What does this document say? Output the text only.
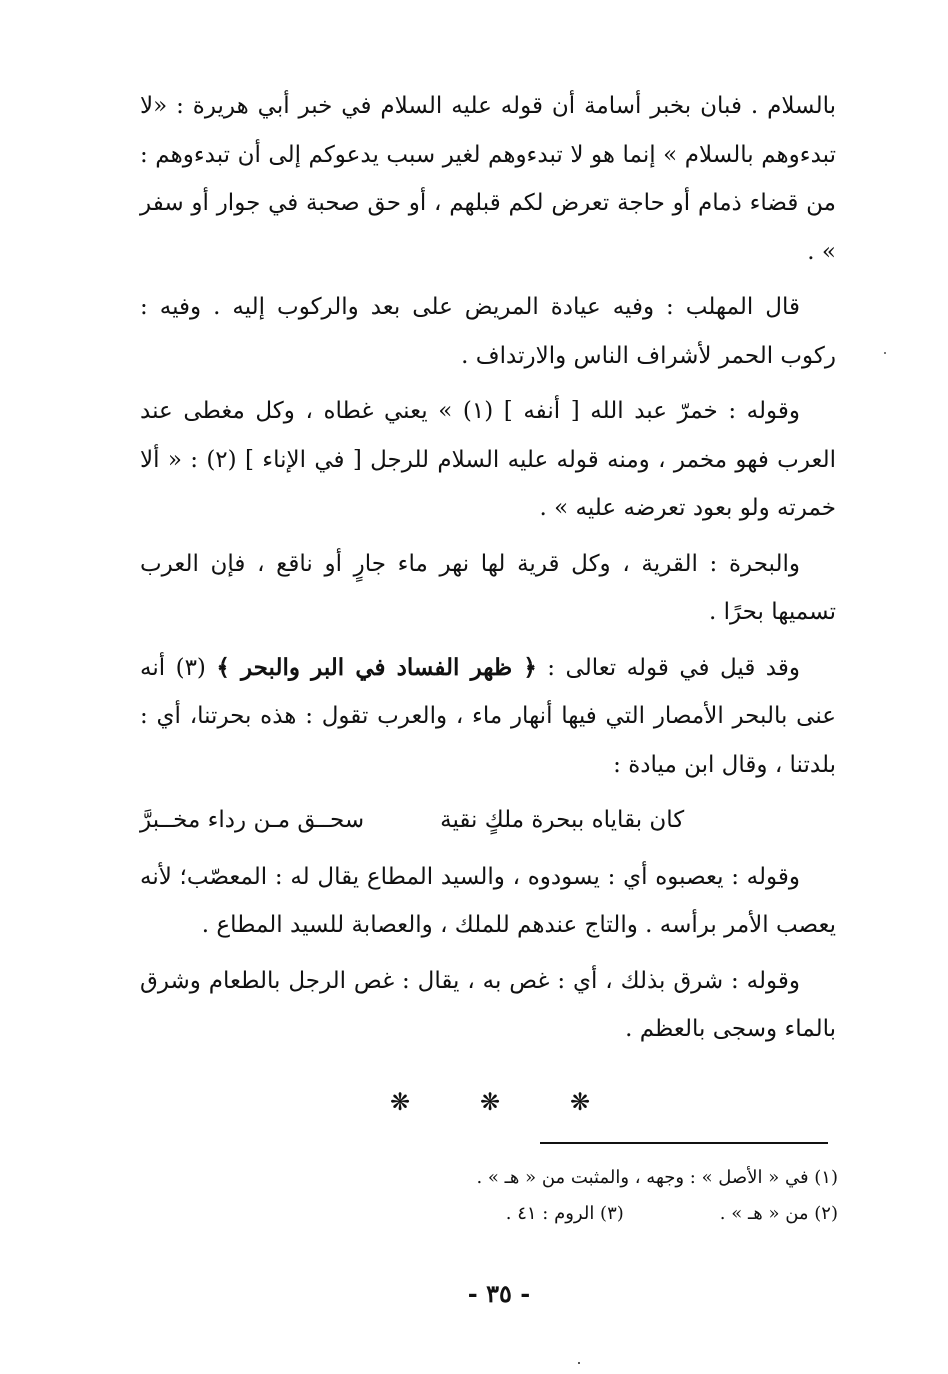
بالسلام . فبان بخبر أسامة أن قوله عليه السلام في خبر أبي هريرة : «لا تبدءوهم بالسلام » إنما هو لا تبدءوهم لغير سبب يدعوكم إلى أن تبدءوهم : من قضاء ذمام أو حاجة تعرض لكم قبلهم ، أو حق صحبة في جوار أو سفر » .

قال المهلب : وفيه عيادة المريض على بعد والركوب إليه . وفيه : ركوب الحمر لأشراف الناس والارتداف .

وقوله : خمرّ عبد الله [ أنفه ] (١) » يعني غطاه ، وكل مغطى عند العرب فهو مخمر ، ومنه قوله عليه السلام للرجل [ في الإناء ] (٢) : « ألا خمرته ولو بعود تعرضه عليه » .

والبحرة : القرية ، وكل قرية لها نهر ماء جارٍ أو ناقع ، فإن العرب تسميها بحرًا .

وقد قيل في قوله تعالى : ﴿ ظهر الفساد في البر والبحر ﴾ (٣) أنه عنى بالبحر الأمصار التي فيها أنهار ماء ، والعرب تقول : هذه بحرتنا، أي : بلدتنا ، وقال ابن ميادة :

كان بقاياه ببحرة ملكٍ نقية
سحــق مـن رداء مخــبرَّ

وقوله : يعصبوه أي : يسودوه ، والسيد المطاع يقال له : المعصّب؛ لأنه يعصب الأمر برأسه . والتاج عندهم للملك ، والعصابة للسيد المطاع .

وقوله : شرق بذلك ، أي : غص به ، يقال : غص الرجل بالطعام وشرق بالماء وسجى بالعظم .

❋
❋
❋
(١) في « الأصل » : وجهه ، والمثبت من « هـ » .
(٢) من « هـ » .
(٣) الروم : ٤١ .
- ٣٥ -
